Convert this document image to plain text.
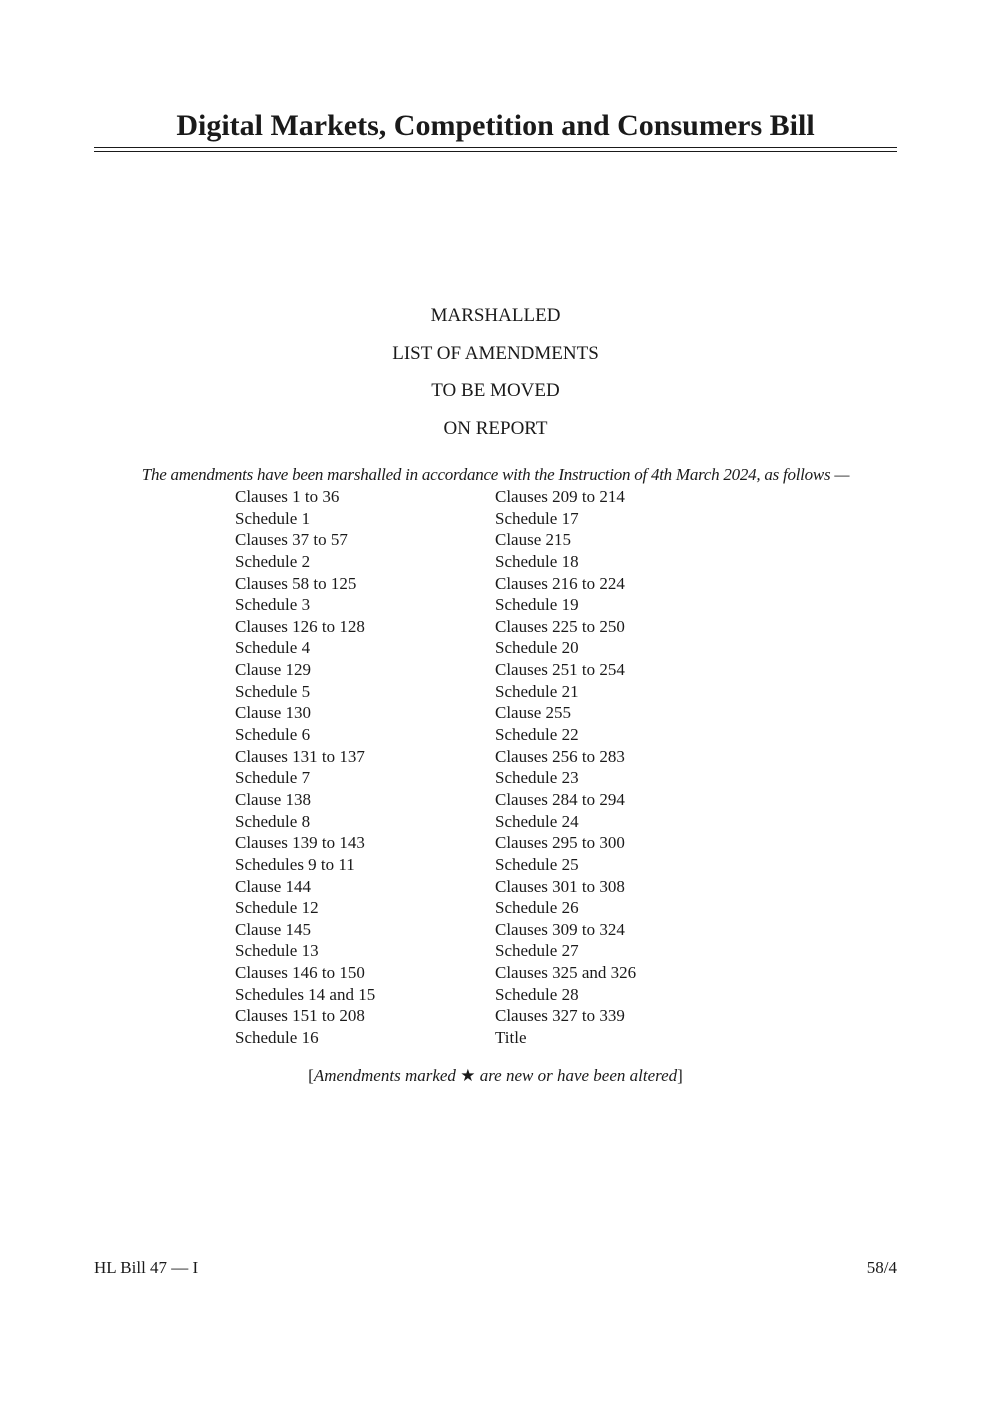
Digital Markets, Competition and Consumers Bill
MARSHALLED
LIST OF AMENDMENTS
TO BE MOVED
ON REPORT
The amendments have been marshalled in accordance with the Instruction of 4th March 2024, as follows —
Clauses 1 to 36
Schedule 1
Clauses 37 to 57
Schedule 2
Clauses 58 to 125
Schedule 3
Clauses 126 to 128
Schedule 4
Clause 129
Schedule 5
Clause 130
Schedule 6
Clauses 131 to 137
Schedule 7
Clause 138
Schedule 8
Clauses 139 to 143
Schedules 9 to 11
Clause 144
Schedule 12
Clause 145
Schedule 13
Clauses 146 to 150
Schedules 14 and 15
Clauses 151 to 208
Schedule 16
Clauses 209 to 214
Schedule 17
Clause 215
Schedule 18
Clauses 216 to 224
Schedule 19
Clauses 225 to 250
Schedule 20
Clauses 251 to 254
Schedule 21
Clause 255
Schedule 22
Clauses 256 to 283
Schedule 23
Clauses 284 to 294
Schedule 24
Clauses 295 to 300
Schedule 25
Clauses 301 to 308
Schedule 26
Clauses 309 to 324
Schedule 27
Clauses 325 and 326
Schedule 28
Clauses 327 to 339
Title
[Amendments marked ★ are new or have been altered]
HL Bill 47 — I	58/4
